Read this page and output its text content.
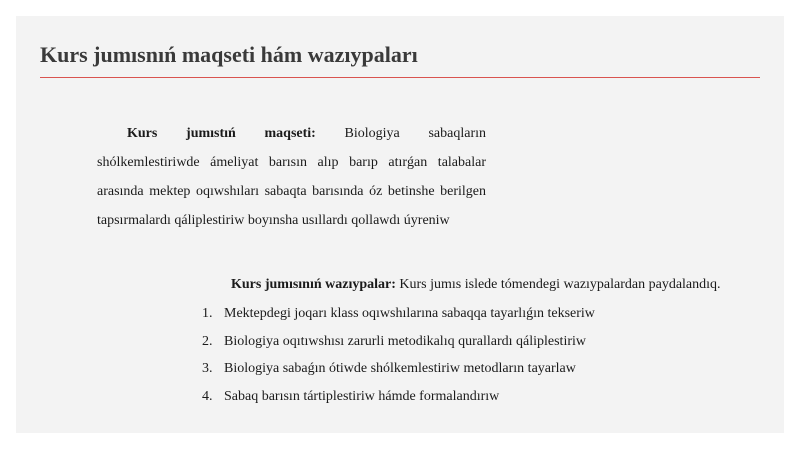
Kurs jumısnıń maqseti hám wazıypaları

Kurs jumıstıń maqseti: Biologiya sabaqların shólkemlestiriwde ámeliyat barısın alıp barıp atırǵan talabalar arasında mektep oqıwshıları sabaqta barısında óz betinshe berilgen tapsırmalardı qáliplestiriw boyınsha usıllardı qollawdı úyreniw

Kurs jumısınıń wazıypalar: Kurs jumıs islede tómendegi wazıypalardan paydalandıq.

1. Mektepdegi joqarı klass oqıwshılarına sabaqqa tayarlıǵın tekseriw
2. Biologiya oqıtıwshısı zarurli metodikalıq qurallardı qáliplestiriw
3. Biologiya sabaǵın ótiwde shólkemlestiriw metodların tayarlaw
4. Sabaq barısın tártiplestiriw hámde formalandırıw
